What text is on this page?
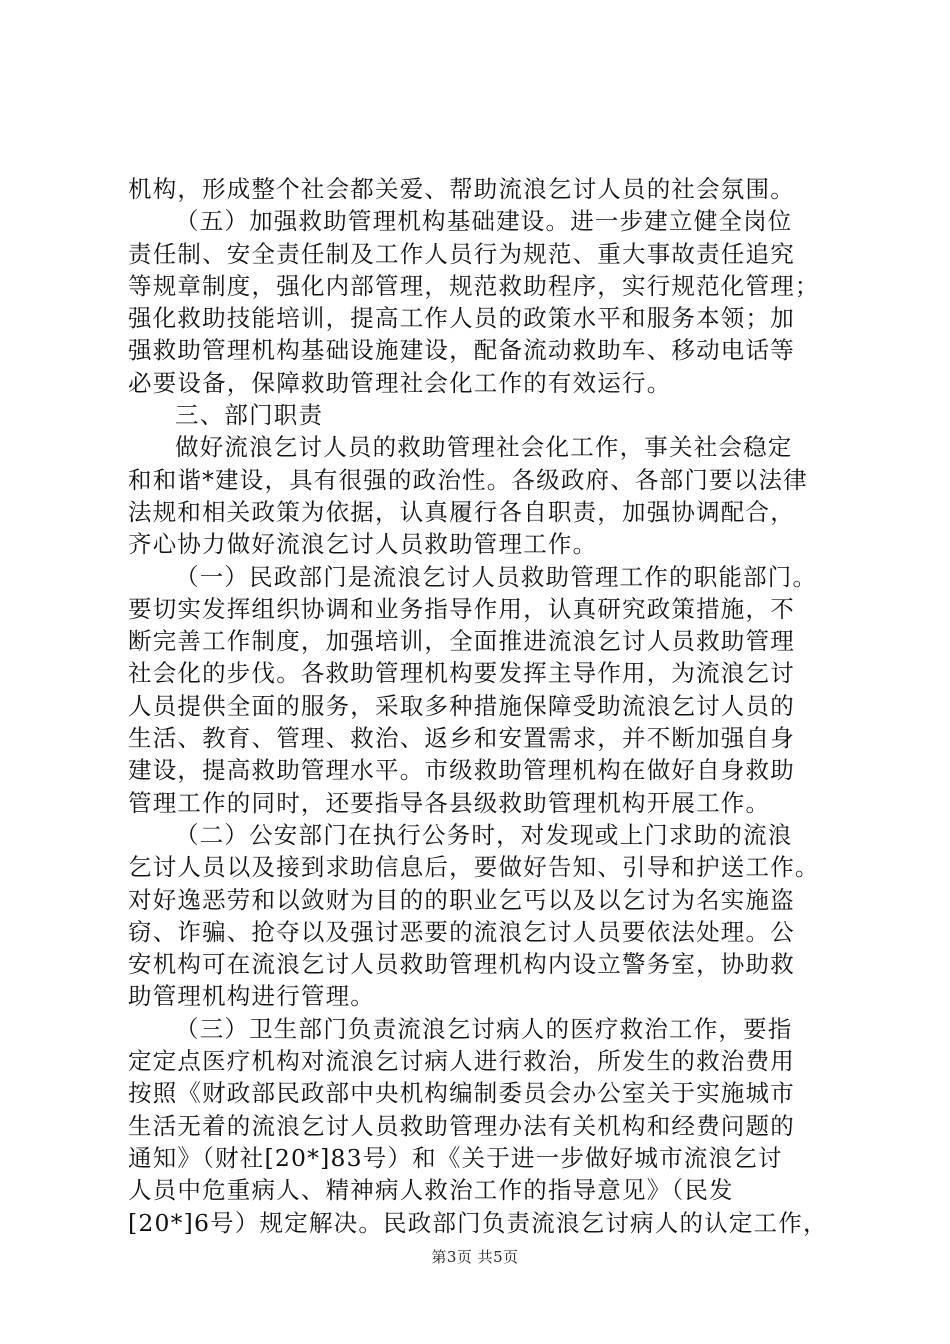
机构，形成整个社会都关爱、帮助流浪乞讨人员的社会氛围。
（五）加强救助管理机构基础建设。进一步建立健全岗位
责任制、安全责任制及工作人员行为规范、重大事故责任追究
等规章制度，强化内部管理，规范救助程序，实行规范化管理；
强化救助技能培训，提高工作人员的政策水平和服务本领；加
强救助管理机构基础设施建设，配备流动救助车、移动电话等
必要设备，保障救助管理社会化工作的有效运行。
三、部门职责
做好流浪乞讨人员的救助管理社会化工作，事关社会稳定
和和谐*建设，具有很强的政治性。各级政府、各部门要以法律
法规和相关政策为依据，认真履行各自职责，加强协调配合，
齐心协力做好流浪乞讨人员救助管理工作。
（一）民政部门是流浪乞讨人员救助管理工作的职能部门。
要切实发挥组织协调和业务指导作用，认真研究政策措施，不
断完善工作制度，加强培训，全面推进流浪乞讨人员救助管理
社会化的步伐。各救助管理机构要发挥主导作用，为流浪乞讨
人员提供全面的服务，采取多种措施保障受助流浪乞讨人员的
生活、教育、管理、救治、返乡和安置需求，并不断加强自身
建设，提高救助管理水平。市级救助管理机构在做好自身救助
管理工作的同时，还要指导各县级救助管理机构开展工作。
（二）公安部门在执行公务时，对发现或上门求助的流浪
乞讨人员以及接到求助信息后，要做好告知、引导和护送工作。
对好逸恶劳和以敛财为目的的职业乞丐以及以乞讨为名实施盗
窃、诈骗、抢夺以及强讨恶要的流浪乞讨人员要依法处理。公
安机构可在流浪乞讨人员救助管理机构内设立警务室，协助救
助管理机构进行管理。
（三）卫生部门负责流浪乞讨病人的医疗救治工作，要指
定定点医疗机构对流浪乞讨病人进行救治，所发生的救治费用
按照《财政部民政部中央机构编制委员会办公室关于实施城市
生活无着的流浪乞讨人员救助管理办法有关机构和经费问题的
通知》（财社[20*]83号）和《关于进一步做好城市流浪乞讨
人员中危重病人、精神病人救治工作的指导意见》（民发
[20*]6号）规定解决。民政部门负责流浪乞讨病人的认定工作，
第3页 共5页
